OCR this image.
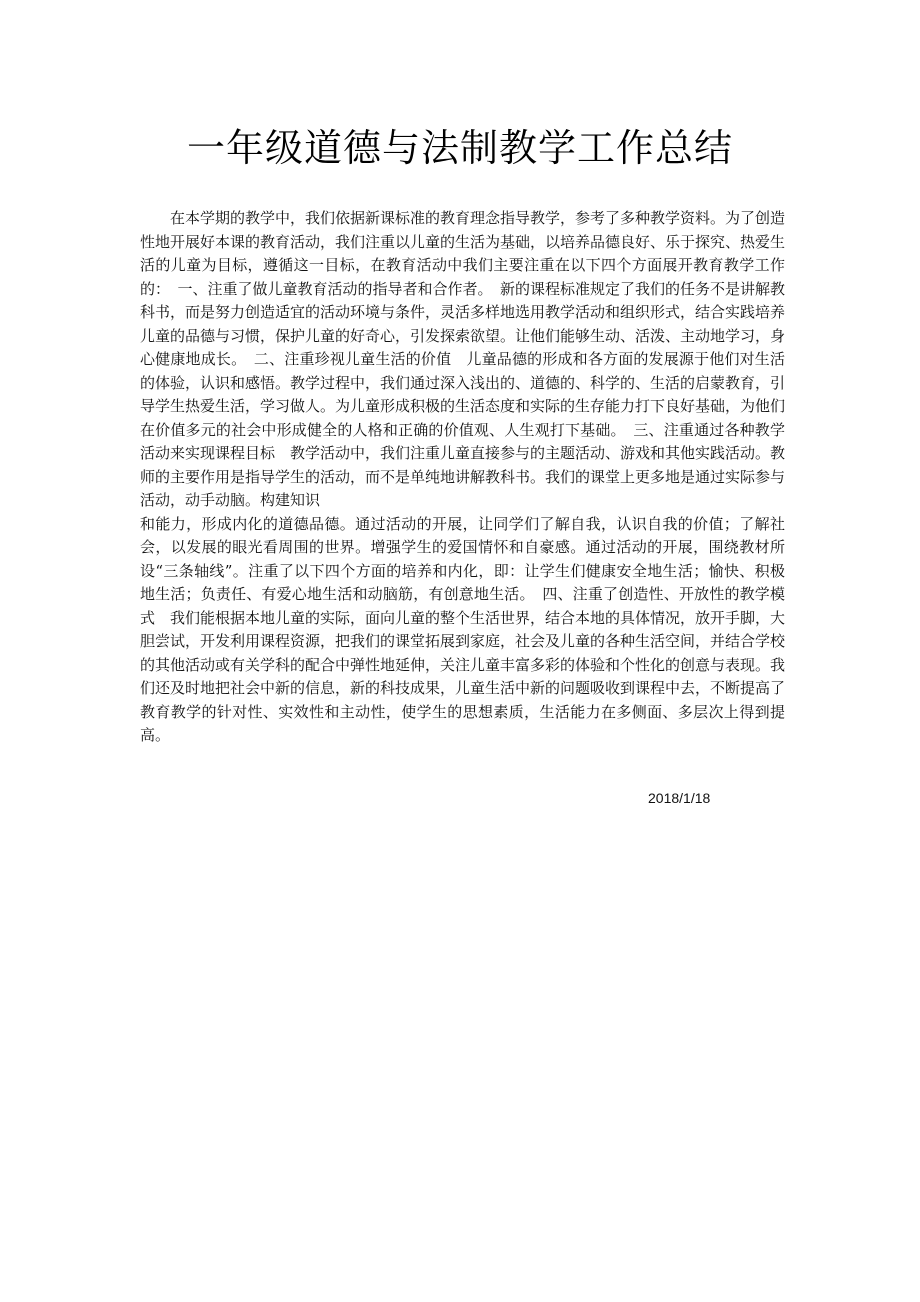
一年级道德与法制教学工作总结

在本学期的教学中，我们依据新课标准的教育理念指导教学，参考了多种教学资料。为了创造性地开展好本课的教育活动，我们注重以儿童的生活为基础，以培养品德良好、乐于探究、热爱生活的儿童为目标，遵循这一目标，在教育活动中我们主要注重在以下四个方面展开教育教学工作的：　一、注重了做儿童教育活动的指导者和合作者。　新的课程标准规定了我们的任务不是讲解教科书，而是努力创造适宜的活动环境与条件，灵活多样地选用教学活动和组织形式，结合实践培养儿童的品德与习惯，保护儿童的好奇心，引发探索欲望。让他们能够生动、活泼、主动地学习，身心健康地成长。　二、注重珍视儿童生活的价值　儿童品德的形成和各方面的发展源于他们对生活的体验，认识和感悟。教学过程中，我们通过深入浅出的、道德的、科学的、生活的启蒙教育，引导学生热爱生活，学习做人。为儿童形成积极的生活态度和实际的生存能力打下良好基础，为他们在价值多元的社会中形成健全的人格和正确的价值观、人生观打下基础。　三、注重通过各种教学活动来实现课程目标　教学活动中，我们注重儿童直接参与的主题活动、游戏和其他实践活动。教师的主要作用是指导学生的活动，而不是单纯地讲解教科书。我们的课堂上更多地是通过实际参与活动，动手动脑。构建知识

和能力，形成内化的道德品德。通过活动的开展，让同学们了解自我，认识自我的价值；了解社会，以发展的眼光看周围的世界。增强学生的爱国情怀和自豪感。通过活动的开展，围绕教材所设“三条轴线”。注重了以下四个方面的培养和内化，即：让学生们健康安全地生活；愉快、积极地生活；负责任、有爱心地生活和动脑筋，有创意地生活。　四、注重了创造性、开放性的教学模式　我们能根据本地儿童的实际，面向儿童的整个生活世界，结合本地的具体情况，放开手脚，大胆尝试，开发利用课程资源，把我们的课堂拓展到家庭，社会及儿童的各种生活空间，并结合学校的其他活动或有关学科的配合中弹性地延伸，关注儿童丰富多彩的体验和个性化的创意与表现。我们还及时地把社会中新的信息，新的科技成果，儿童生活中新的问题吸收到课程中去，不断提高了教育教学的针对性、实效性和主动性，使学生的思想素质，生活能力在多侧面、多层次上得到提高。

2018/1/18
